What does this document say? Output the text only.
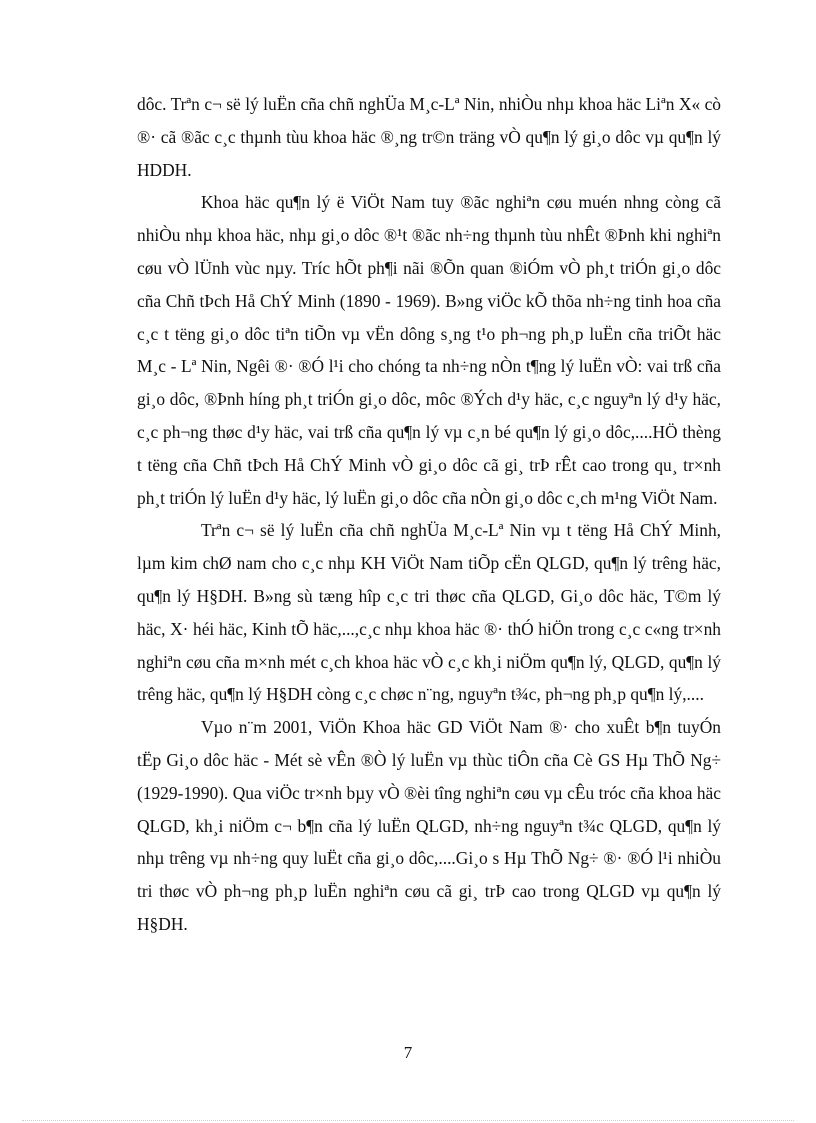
dôc. Trªn c¬ së lý luËn cña chñ nghÜa M¸c-Lª Nin, nhiÒu nhµ khoa häc Liªn X« cò ®· cã ®ãc c¸c thµnh tùu khoa häc ®¸ng tr©n träng vÒ qu¶n lý gi¸o dôc vµ qu¶n lý HDDH.

Khoa häc qu¶n lý ë ViÖt Nam tuy ®ãc nghiªn cøu muén nhng còng cã nhiÒu nhµ khoa häc, nhµ gi¸o dôc ®¹t ®ãc nh÷ng thµnh tùu nhÊt ®Þnh khi nghiªn cøu vÒ lÜnh vùc nµy. Tríc hÕt ph¶i nãi ®Õn quan ®iÓm vÒ ph¸t triÓn gi¸o dôc cña Chñ tÞch Hå ChÝ Minh (1890 - 1969). B»ng viÖc kÕ thõa nh÷ng tinh hoa cña c¸c t tëng gi¸o dôc tiªn tiÕn vµ vËn dông s¸ng t¹o ph¬ng ph¸p luËn cña triÕt häc M¸c - Lª Nin, Ngêi ®· ®Ó l¹i cho chóng ta nh÷ng nÒn t¶ng lý luËn vÒ: vai trß cña gi¸o dôc, ®Þnh híng ph¸t triÓn gi¸o dôc, môc ®Ých d¹y häc, c¸c nguyªn lý d¹y häc, c¸c ph¬ng thøc d¹y häc, vai trß cña qu¶n lý vµ c¸n bé qu¶n lý gi¸o dôc,....HÖ thèng t tëng cña Chñ tÞch Hå ChÝ Minh vÒ gi¸o dôc cã gi¸ trÞ rÊt cao trong qu¸ tr×nh ph¸t triÓn lý luËn d¹y häc, lý luËn gi¸o dôc cña nÒn gi¸o dôc c¸ch m¹ng ViÖt Nam.

Trªn c¬ së lý luËn cña chñ nghÜa M¸c-Lª Nin vµ t tëng Hå ChÝ Minh, lµm kim chØ nam cho c¸c nhµ KH ViÖt Nam tiÕp cËn QLGD, qu¶n lý trêng häc, qu¶n lý H§DH. B»ng sù tæng hîp c¸c tri thøc cña QLGD, Gi¸o dôc häc, T©m lý häc, X· héi häc, Kinh tÕ häc,...,c¸c nhµ khoa häc ®· thÓ hiÖn trong c¸c c«ng tr×nh nghiªn cøu cña m×nh mét c¸ch khoa häc vÒ c¸c kh¸i niÖm qu¶n lý, QLGD, qu¶n lý trêng häc, qu¶n lý H§DH còng c¸c chøc n¨ng, nguyªn t¾c, ph¬ng ph¸p qu¶n lý,....

Vµo n¨m 2001, ViÖn Khoa häc GD ViÖt Nam ®· cho xuÊt b¶n tuyÓn tËp Gi¸o dôc häc - Mét sè vÊn ®Ò lý luËn vµ thùc tiÔn cña Cè GS Hµ ThÕ Ng÷ (1929-1990). Qua viÖc tr×nh bµy vÒ ®èi tîng nghiªn cøu vµ cÊu tróc cña khoa häc QLGD, kh¸i niÖm c¬ b¶n cña lý luËn QLGD, nh÷ng nguyªn t¾c QLGD, qu¶n lý nhµ trêng vµ nh÷ng quy luËt cña gi¸o dôc,....Gi¸o s Hµ ThÕ Ng÷ ®· ®Ó l¹i nhiÒu tri thøc vÒ ph¬ng ph¸p luËn nghiªn cøu cã gi¸ trÞ cao trong QLGD vµ qu¶n lý H§DH.

7
